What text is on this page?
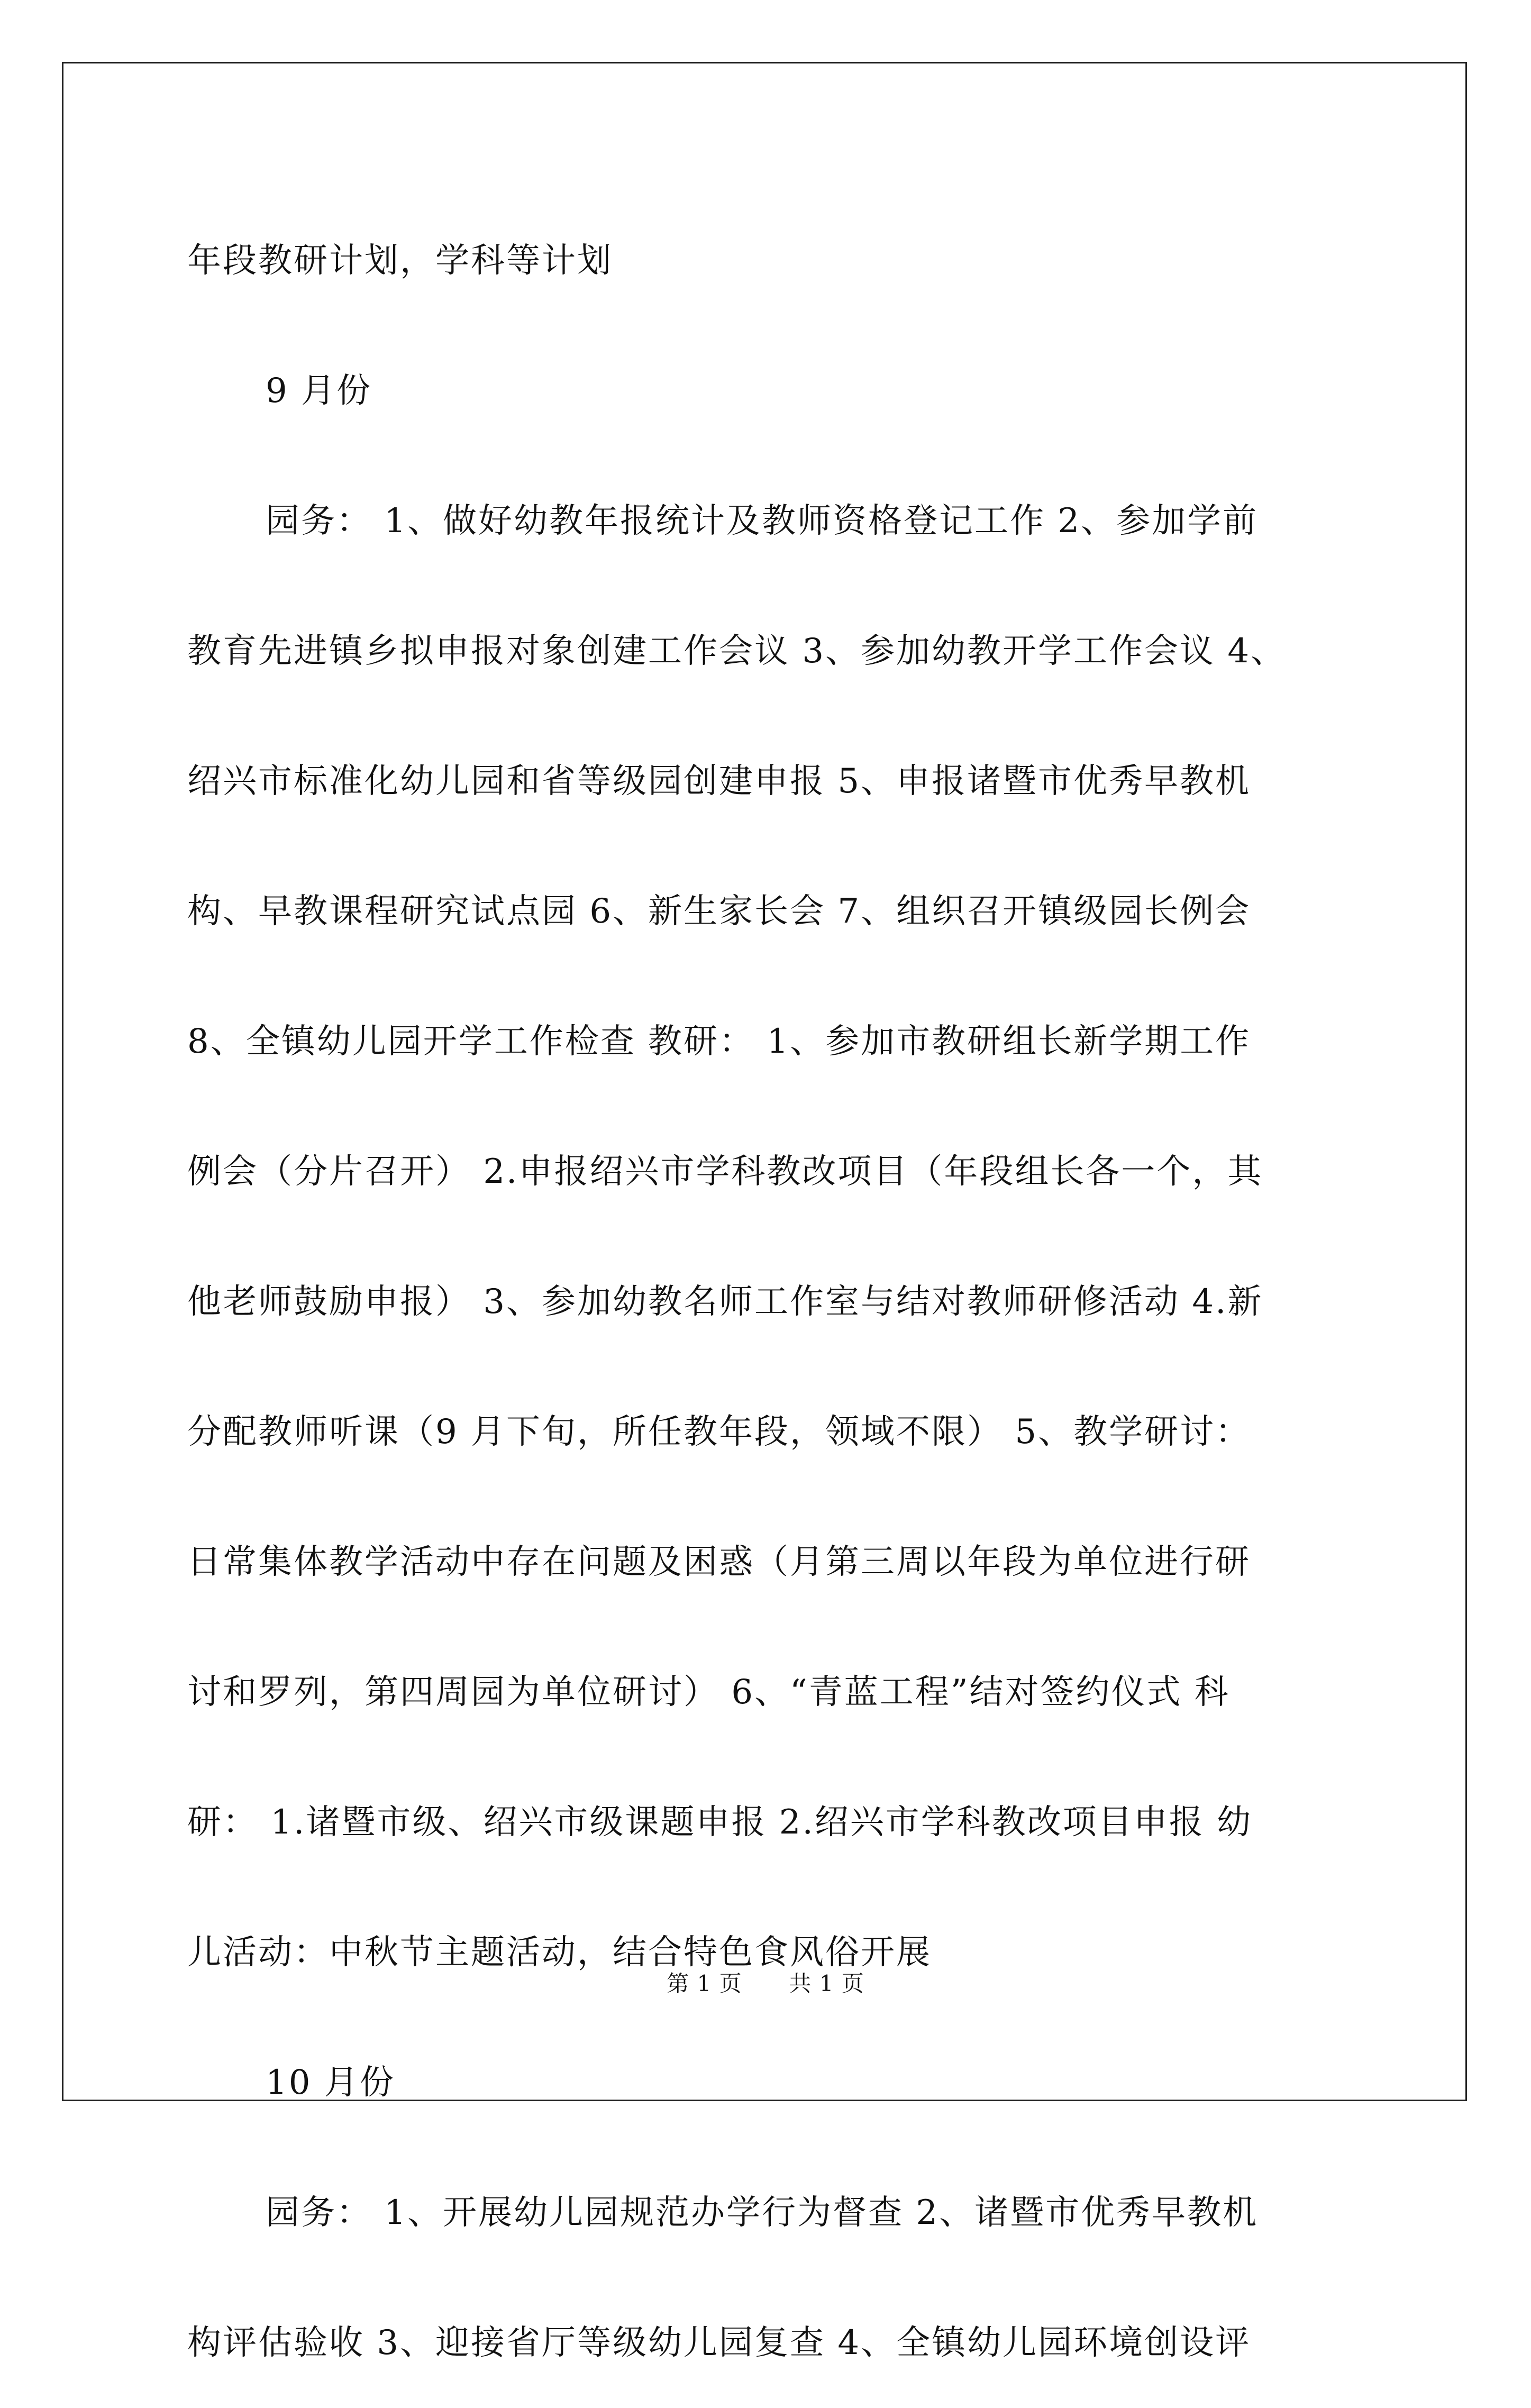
年段教研计划，学科等计划
9 月份
园务： 1、做好幼教年报统计及教师资格登记工作 2、参加学前
教育先进镇乡拟申报对象创建工作会议 3、参加幼教开学工作会议 4、
绍兴市标准化幼儿园和省等级园创建申报 5、申报诸暨市优秀早教机
构、早教课程研究试点园 6、新生家长会 7、组织召开镇级园长例会
8、全镇幼儿园开学工作检查 教研： 1、参加市教研组长新学期工作
例会（分片召开） 2.申报绍兴市学科教改项目（年段组长各一个，其
他老师鼓励申报） 3、参加幼教名师工作室与结对教师研修活动 4.新
分配教师听课（9 月下旬，所任教年段，领域不限） 5、教学研讨：
日常集体教学活动中存在问题及困惑（月第三周以年段为单位进行研
讨和罗列，第四周园为单位研讨） 6、“青蓝工程”结对签约仪式 科
研： 1.诸暨市级、绍兴市级课题申报 2.绍兴市学科教改项目申报 幼
儿活动：中秋节主题活动，结合特色食风俗开展
10 月份
园务： 1、开展幼儿园规范办学行为督查 2、诸暨市优秀早教机
构评估验收 3、迎接省厅等级幼儿园复查 4、全镇幼儿园环境创设评
第 1 页 共 1 页
